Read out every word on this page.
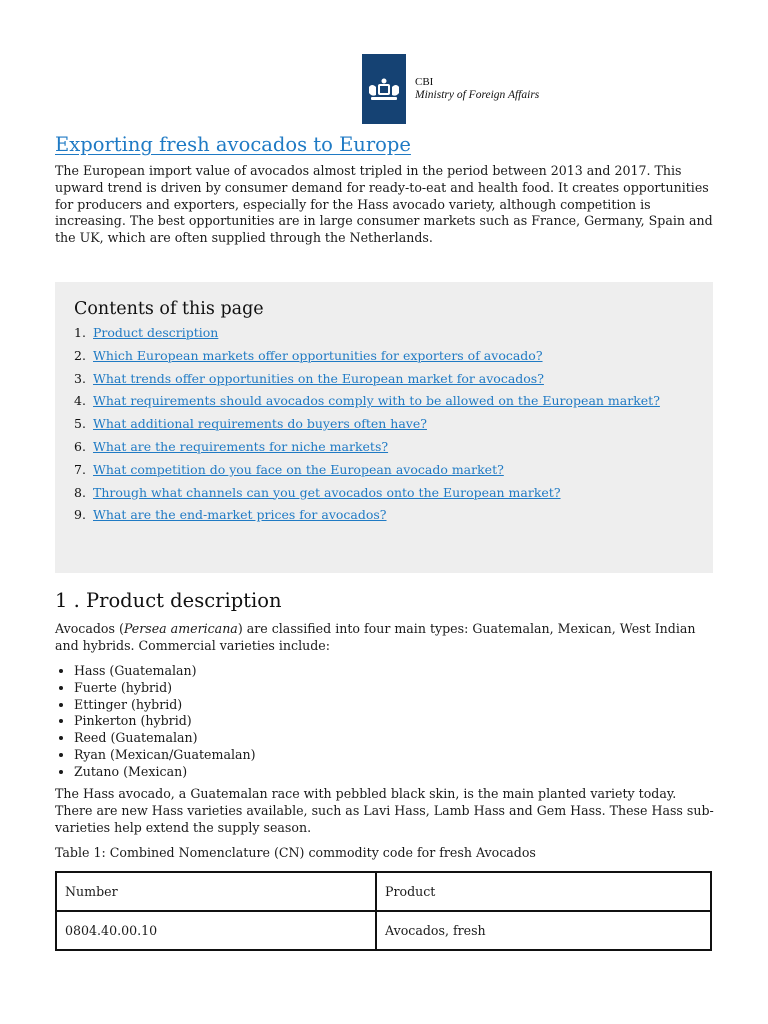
CBI
Ministry of Foreign Affairs
Exporting fresh avocados to Europe

The European import value of avocados almost tripled in the period between 2013 and 2017. This upward trend is driven by consumer demand for ready-to-eat and health food. It creates opportunities for producers and exporters, especially for the Hass avocado variety, although competition is increasing. The best opportunities are in large consumer markets such as France, Germany, Spain and the UK, which are often supplied through the Netherlands.

Contents of this page
1. Product description
2. Which European markets offer opportunities for exporters of avocado?
3. What trends offer opportunities on the European market for avocados?
4. What requirements should avocados comply with to be allowed on the European market?
5. What additional requirements do buyers often have?
6. What are the requirements for niche markets?
7. What competition do you face on the European avocado market?
8. Through what channels can you get avocados onto the European market?
9. What are the end-market prices for avocados?
1 . Product description

Avocados (Persea americana) are classified into four main types: Guatemalan, Mexican, West Indian and hybrids. Commercial varieties include:

• Hass (Guatemalan)
• Fuerte (hybrid)
• Ettinger (hybrid)
• Pinkerton (hybrid)
• Reed (Guatemalan)
• Ryan (Mexican/Guatemalan)
• Zutano (Mexican)

The Hass avocado, a Guatemalan race with pebbled black skin, is the main planted variety today. There are new Hass varieties available, such as Lavi Hass, Lamb Hass and Gem Hass. These Hass sub-varieties help extend the supply season.

Table 1: Combined Nomenclature (CN) commodity code for fresh Avocados

Number	Product
0804.40.00.10	Avocados, fresh
